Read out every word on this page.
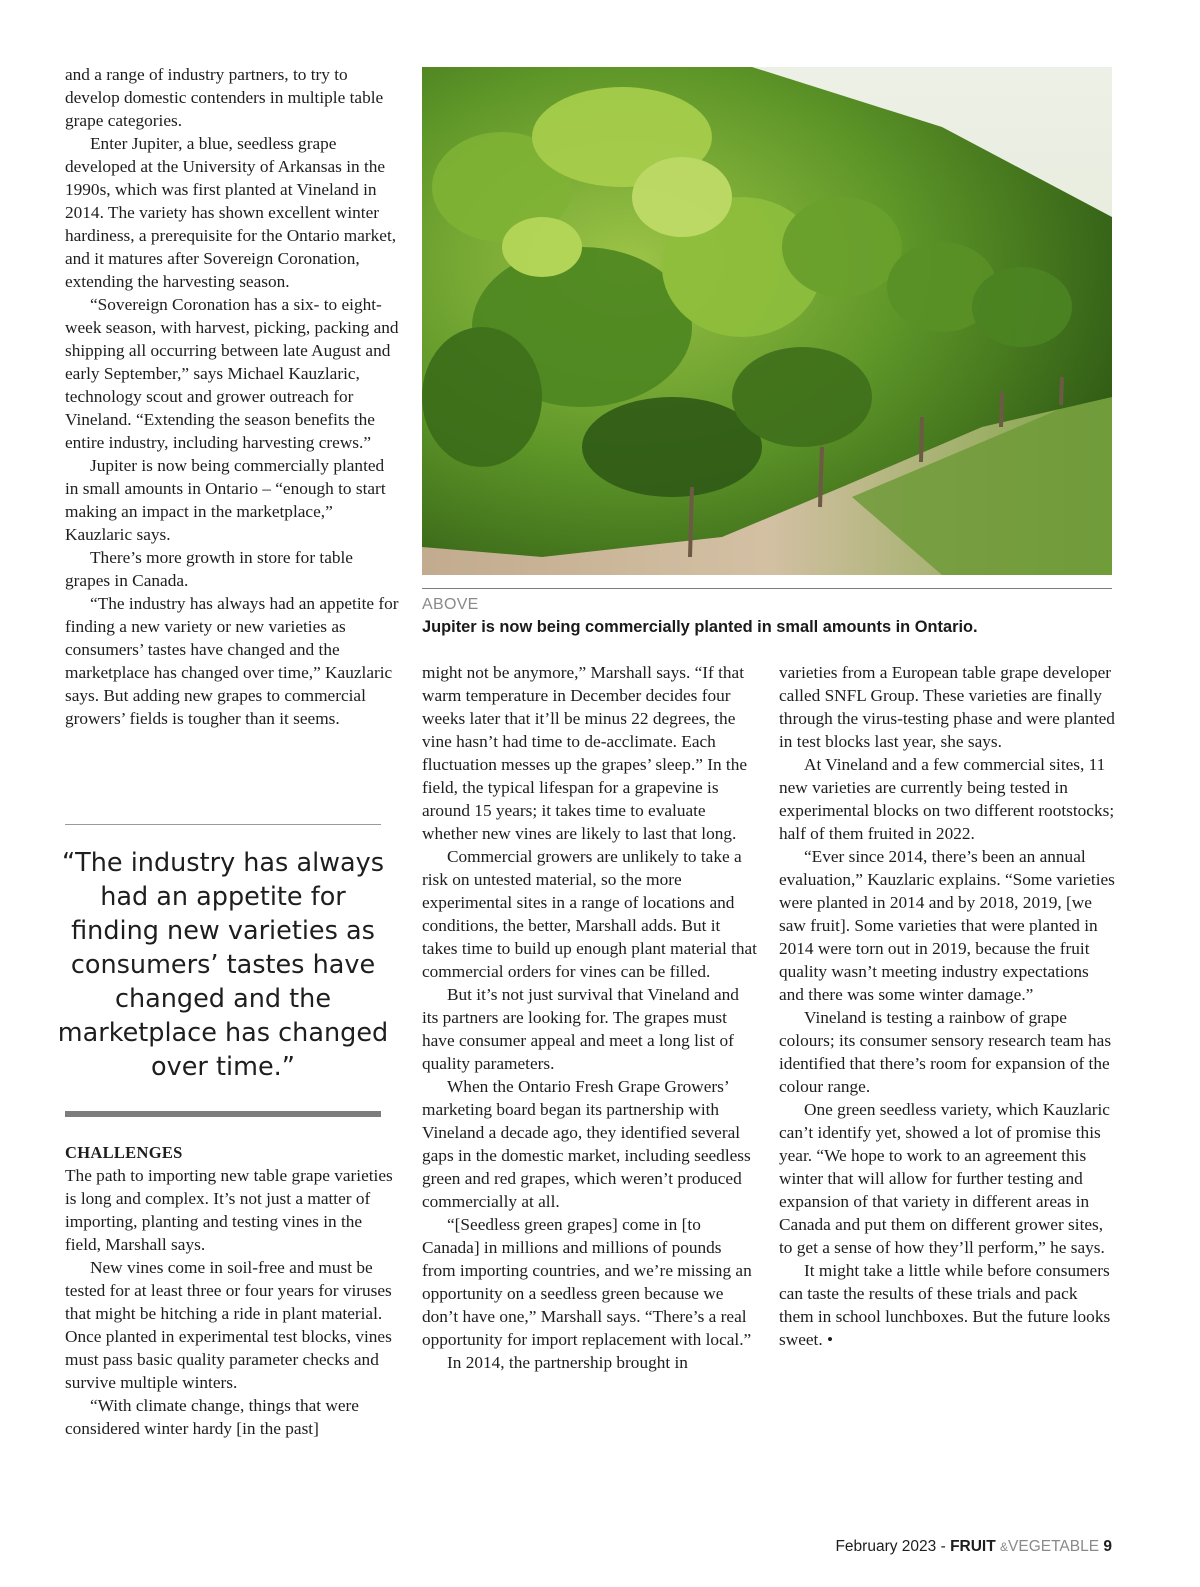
and a range of industry partners, to try to develop domestic contenders in multiple table grape categories.

Enter Jupiter, a blue, seedless grape developed at the University of Arkansas in the 1990s, which was first planted at Vineland in 2014. The variety has shown excellent winter hardiness, a prerequisite for the Ontario market, and it matures after Sovereign Coronation, extending the harvesting season.

“Sovereign Coronation has a six- to eight-week season, with harvest, picking, packing and shipping all occurring between late August and early September,” says Michael Kauzlaric, technology scout and grower outreach for Vineland. “Extending the season benefits the entire industry, including harvesting crews.”

Jupiter is now being commercially planted in small amounts in Ontario – “enough to start making an impact in the marketplace,” Kauzlaric says.

There’s more growth in store for table grapes in Canada.

“The industry has always had an appetite for finding a new variety or new varieties as consumers’ tastes have changed and the marketplace has changed over time,” Kauzlaric says. But adding new grapes to commercial growers’ fields is tougher than it seems.

“The industry has always had an appetite for finding new varieties as consumers’ tastes have changed and the marketplace has changed over time.”

CHALLENGES

The path to importing new table grape varieties is long and complex. It’s not just a matter of importing, planting and testing vines in the field, Marshall says.

New vines come in soil-free and must be tested for at least three or four years for viruses that might be hitching a ride in plant material. Once planted in experimental test blocks, vines must pass basic quality parameter checks and survive multiple winters.

“With climate change, things that were considered winter hardy [in the past]

ABOVE
Jupiter is now being commercially planted in small amounts in Ontario.

might not be anymore,” Marshall says. “If that warm temperature in December decides four weeks later that it’ll be minus 22 degrees, the vine hasn’t had time to de-acclimate. Each fluctuation messes up the grapes’ sleep.” In the field, the typical lifespan for a grapevine is around 15 years; it takes time to evaluate whether new vines are likely to last that long.

Commercial growers are unlikely to take a risk on untested material, so the more experimental sites in a range of locations and conditions, the better, Marshall adds. But it takes time to build up enough plant material that commercial orders for vines can be filled.

But it’s not just survival that Vineland and its partners are looking for. The grapes must have consumer appeal and meet a long list of quality parameters.

When the Ontario Fresh Grape Growers’ marketing board began its partnership with Vineland a decade ago, they identified several gaps in the domestic market, including seedless green and red grapes, which weren’t produced commercially at all.

“[Seedless green grapes] come in [to Canada] in millions and millions of pounds from importing countries, and we’re missing an opportunity on a seedless green because we don’t have one,” Marshall says. “There’s a real opportunity for import replacement with local.”

In 2014, the partnership brought in

varieties from a European table grape developer called SNFL Group. These varieties are finally through the virus-testing phase and were planted in test blocks last year, she says.

At Vineland and a few commercial sites, 11 new varieties are currently being tested in experimental blocks on two different rootstocks; half of them fruited in 2022.

“Ever since 2014, there’s been an annual evaluation,” Kauzlaric explains. “Some varieties were planted in 2014 and by 2018, 2019, [we saw fruit]. Some varieties that were planted in 2014 were torn out in 2019, because the fruit quality wasn’t meeting industry expectations and there was some winter damage.”

Vineland is testing a rainbow of grape colours; its consumer sensory research team has identified that there’s room for expansion of the colour range.

One green seedless variety, which Kauzlaric can’t identify yet, showed a lot of promise this year. “We hope to work to an agreement this winter that will allow for further testing and expansion of that variety in different areas in Canada and put them on different grower sites, to get a sense of how they’ll perform,” he says.

It might take a little while before consumers can taste the results of these trials and pack them in school lunchboxes. But the future looks sweet. •

February 2023 - FRUIT &VEGETABLE 9
